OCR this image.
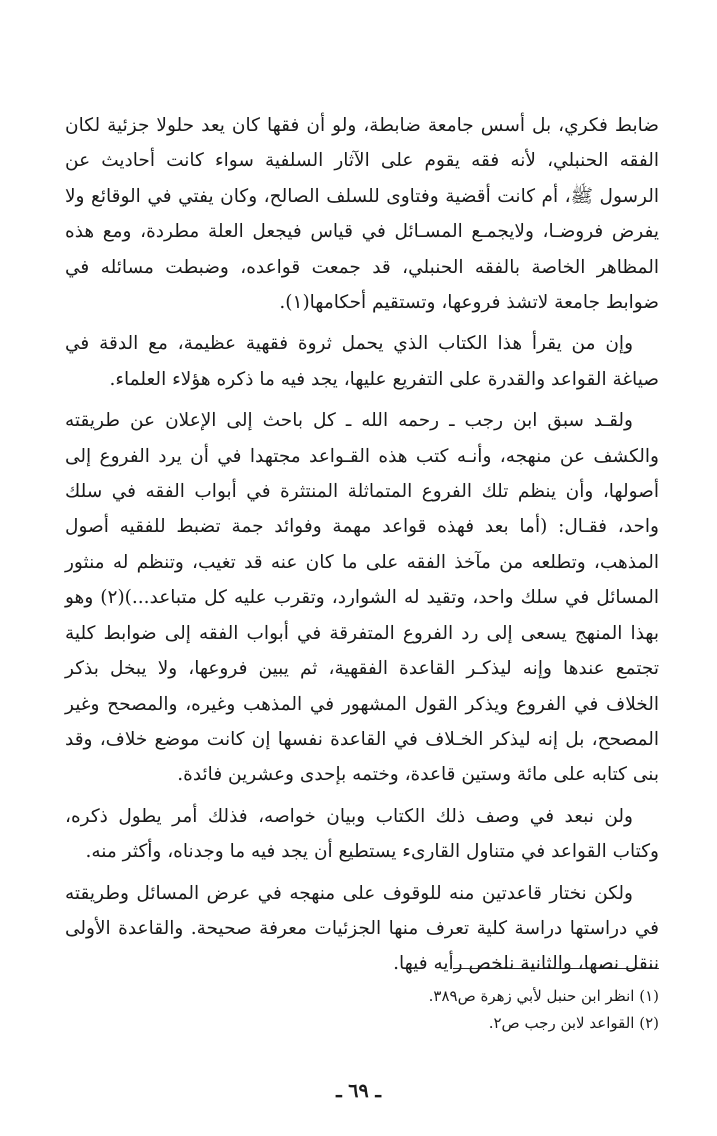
ضابط فكري، بل أسس جامعة ضابطة، ولو أن فقها كان يعد حلولا جزئية لكان الفقه الحنبلي، لأنه فقه يقوم على الآثار السلفية سواء كانت أحاديث عن الرسول ﷺ، أم كانت أقضية وفتاوى للسلف الصالح، وكان يفتي في الوقائع ولا يفرض فروضـا، ولايجمـع المسـائل في قياس فيجعل العلة مطردة، ومع هذه المظاهر الخاصة بالفقه الحنبلي، قد جمعت قواعده، وضبطت مسائله في ضوابط جامعة لاتشذ فروعها، وتستقيم أحكامها(١).

وإن من يقرأ هذا الكتاب الذي يحمل ثروة فقهية عظيمة، مع الدقة في صياغة القواعد والقدرة على التفريع عليها، يجد فيه ما ذكره هؤلاء العلماء.

ولقـد سبق ابن رجب ـ رحمه الله ـ كل باحث إلى الإعلان عن طريقته والكشف عن منهجه، وأنـه كتب هذه القـواعد مجتهدا في أن يرد الفروع إلى أصولها، وأن ينظم تلك الفروع المتماثلة المنتثرة في أبواب الفقه في سلك واحد، فقـال: (أما بعد فهذه قواعد مهمة وفوائد جمة تضبط للفقيه أصول المذهب، وتطلعه من مآخذ الفقه على ما كان عنه قد تغيب، وتنظم له منثور المسائل في سلك واحد، وتقيد له الشوارد، وتقرب عليه كل متباعد...)(٢) وهو بهذا المنهج يسعى إلى رد الفروع المتفرقة في أبواب الفقه إلى ضوابط كلية تجتمع عندها وإنه ليذكـر القاعدة الفقهية، ثم يبين فروعها، ولا يبخل بذكر الخلاف في الفروع ويذكر القول المشهور في المذهب وغيره، والمصحح وغير المصحح، بل إنه ليذكر الخـلاف في القاعدة نفسها إن كانت موضع خلاف، وقد بنى كتابه على مائة وستين قاعدة، وختمه بإحدى وعشرين فائدة.

ولن نبعد في وصف ذلك الكتاب وبيان خواصه، فذلك أمر يطول ذكره، وكتاب القواعد في متناول القارىء يستطيع أن يجد فيه ما وجدناه، وأكثر منه.

ولكن نختار قاعدتين منه للوقوف على منهجه في عرض المسائل وطريقته في دراستها دراسة كلية تعرف منها الجزئيات معرفة صحيحة. والقاعدة الأولى ننقل نصها، والثانية نلخص رأيه فيها.

(١) انظر ابن حنبل لأبي زهرة ص٣٨٩.

(٢) القواعد لابن رجب ص٢.

ـ ٦٩ ـ
